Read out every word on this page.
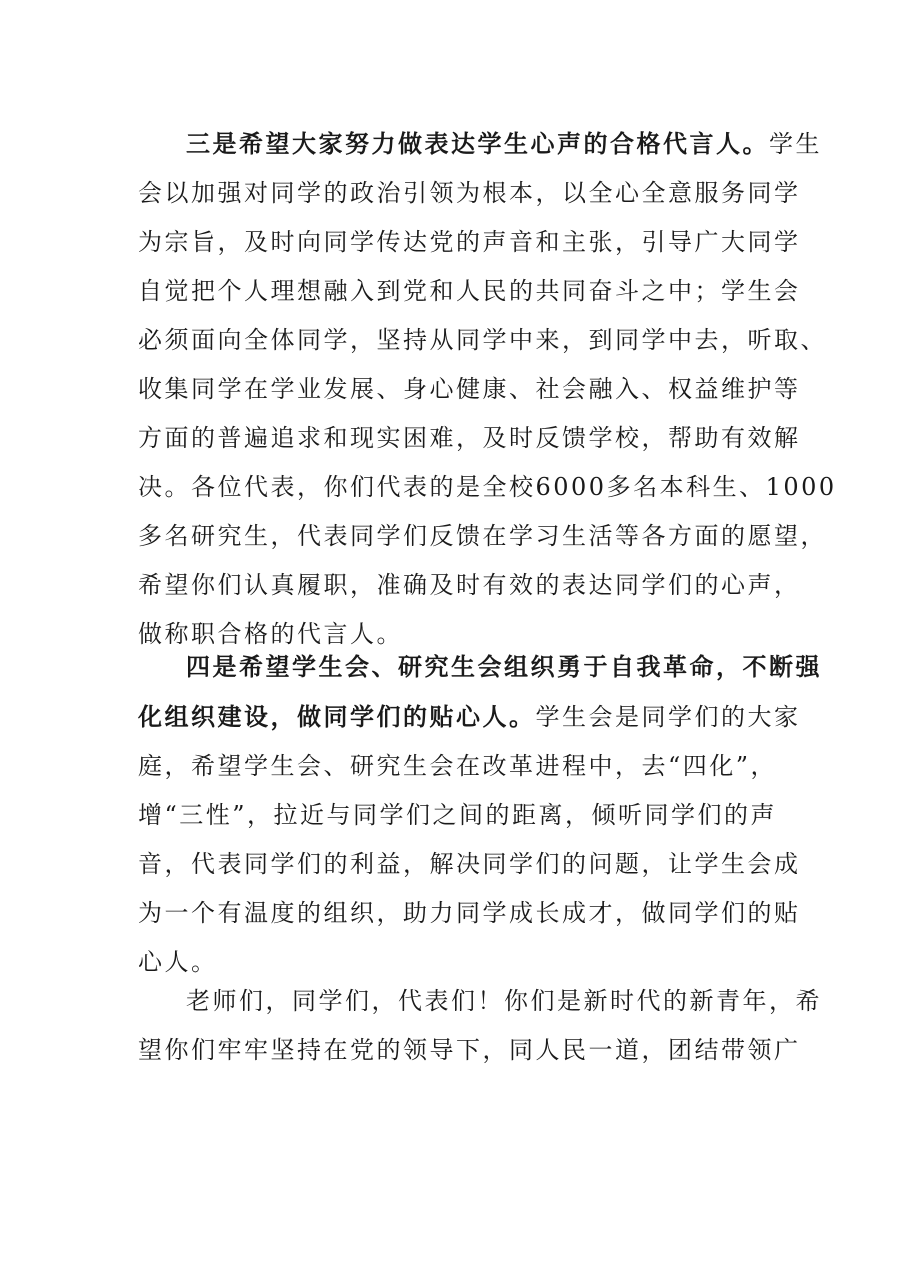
三是希望大家努力做表达学生心声的合格代言人。学生
会以加强对同学的政治引领为根本，以全心全意服务同学
为宗旨，及时向同学传达党的声音和主张，引导广大同学
自觉把个人理想融入到党和人民的共同奋斗之中；学生会
必须面向全体同学，坚持从同学中来，到同学中去，听取、
收集同学在学业发展、身心健康、社会融入、权益维护等
方面的普遍追求和现实困难，及时反馈学校，帮助有效解
决。各位代表，你们代表的是全校6000多名本科生、1000
多名研究生，代表同学们反馈在学习生活等各方面的愿望，
希望你们认真履职，准确及时有效的表达同学们的心声，
做称职合格的代言人。

四是希望学生会、研究生会组织勇于自我革命，不断强
化组织建设，做同学们的贴心人。学生会是同学们的大家
庭，希望学生会、研究生会在改革进程中，去“四化”，
增“三性”，拉近与同学们之间的距离，倾听同学们的声
音，代表同学们的利益，解决同学们的问题，让学生会成
为一个有温度的组织，助力同学成长成才，做同学们的贴
心人。

老师们，同学们，代表们！你们是新时代的新青年，希
望你们牢牢坚持在党的领导下，同人民一道，团结带领广
